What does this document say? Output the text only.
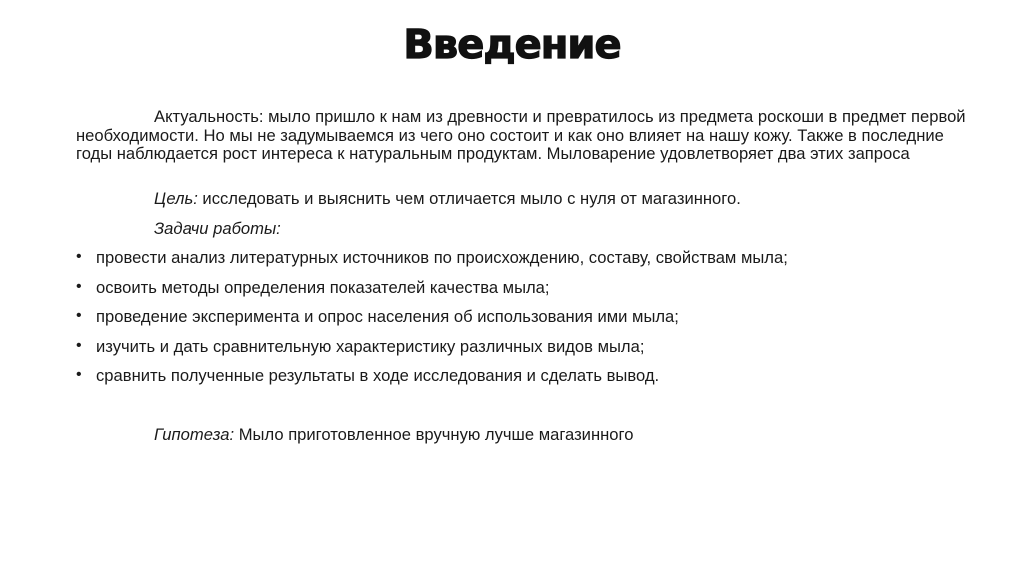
Введение
Актуальность: мыло пришло к нам из древности и превратилось из предмета роскоши в предмет первой необходимости. Но мы не задумываемся из чего оно состоит и как оно влияет на нашу кожу. Также в последние годы наблюдается рост интереса к натуральным продуктам. Мыловарение удовлетворяет два этих запроса
Цель: исследовать и выяснить чем отличается мыло с нуля от магазинного.
Задачи работы:
• провести анализ литературных источников по происхождению, составу, свойствам мыла;
• освоить методы определения показателей качества мыла;
• проведение эксперимента и опрос населения об использования ими мыла;
• изучить и дать сравнительную характеристику различных видов мыла;
• сравнить полученные результаты в ходе исследования и сделать вывод.
Гипотеза: Мыло приготовленное вручную лучше магазинного
